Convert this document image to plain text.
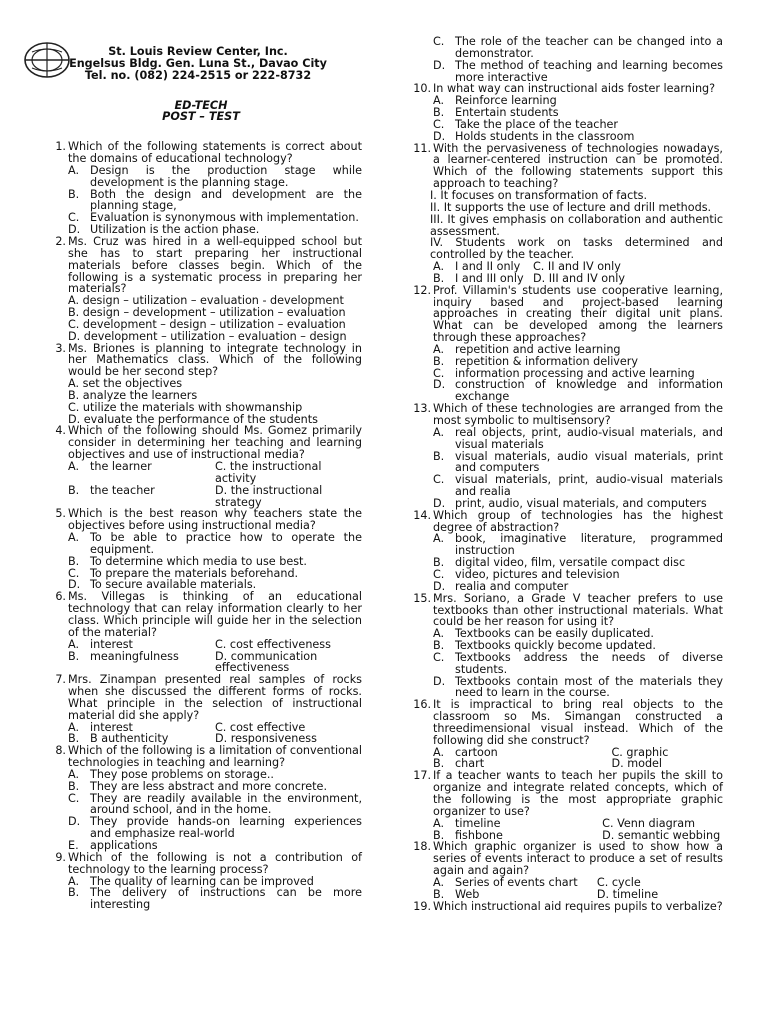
St. Louis Review Center, Inc.
Engelsus Bldg. Gen. Luna St., Davao City
Tel. no. (082) 224-2515 or 222-8732
ED-TECH
POST – TEST
1. Which of the following statements is correct about the domains of educational technology?
A. Design is the production stage while development is the planning stage.
B. Both the design and development are the planning stage,
C. Evaluation is synonymous with implementation.
D. Utilization is the action phase.
2. Ms. Cruz was hired in a well-equipped school but she has to start preparing her instructional materials before classes begin. Which of the following is a systematic process in preparing her materials?
A. design – utilization – evaluation - development
B. design – development – utilization – evaluation
C. development – design – utilization – evaluation
D. development – utilization – evaluation – design
3. Ms. Briones is planning to integrate technology in her Mathematics class. Which of the following would be her second step?
A. set the objectives
B. analyze the learners
C. utilize the materials with showmanship
D. evaluate the performance of the students
4. Which of the following should Ms. Gomez primarily consider in determining her teaching and learning objectives and use of instructional media?
A. the learner	C. the instructional activity
B. the teacher	D. the instructional strategy
5. Which is the best reason why teachers state the objectives before using instructional media?
A. To be able to practice how to operate the equipment.
B. To determine which media to use best.
C. To prepare the materials beforehand.
D. To secure available materials.
6. Ms. Villegas is thinking of an educational technology that can relay information clearly to her class. Which principle will guide her in the selection of the material?
A. interest	C. cost effectiveness
B. meaningfulness	D. communication effectiveness
7. Mrs. Zinampan presented real samples of rocks when she discussed the different forms of rocks. What principle in the selection of instructional material did she apply?
A. interest	C. cost effective
B. B authenticity	D. responsiveness
8. Which of the following is a limitation of conventional technologies in teaching and learning?
A. They pose problems on storage..
B. They are less abstract and more concrete.
C. They are readily available in the environment, around school, and in the home.
D. They provide hands-on learning experiences and emphasize real-world
E.	applications
9. Which of the following is not a contribution of technology to the learning process?
A. The quality of learning can be improved
B. The delivery of instructions can be more interesting
C. The role of the teacher can be changed into a demonstrator.
D. The method of teaching and learning becomes more interactive
10. In what way can instructional aids foster learning?
A. Reinforce learning
B. Entertain students
C. Take the place of the teacher
D. Holds students in the classroom
11. With the pervasiveness of technologies nowadays, a learner-centered instruction can be promoted. Which of the following statements support this approach to teaching?
I. It focuses on transformation of facts.
II. It supports the use of lecture and drill methods.
III. It gives emphasis on collaboration and authentic assessment.
IV. Students work on tasks determined and controlled by the teacher.
A. I and II only C. II and IV only
B. I and III only D. III and IV only
12. Prof. Villamin's students use cooperative learning, inquiry based and project-based learning approaches in creating their digital unit plans. What can be developed among the learners through these approaches?
A. repetition and active learning
B. repetition & information delivery
C. information processing and active learning
D. construction of knowledge and information exchange
13. Which of these technologies are arranged from the most symbolic to multisensory?
A. real objects, print, audio-visual materials, and visual materials
B. visual materials, audio visual materials, print and computers
C. visual materials, print, audio-visual materials and realia
D. print, audio, visual materials, and computers
14. Which group of technologies has the highest degree of abstraction?
A. book, imaginative literature, programmed instruction
B. digital video, film, versatile compact disc
C. video, pictures and television
D. realia and computer
15. Mrs. Soriano, a Grade V teacher prefers to use textbooks than other instructional materials. What could be her reason for using it?
A. Textbooks can be easily duplicated.
B. Textbooks quickly become updated.
C. Textbooks address the needs of diverse students.
D. Textbooks contain most of the materials they need to learn in the course.
16. It is impractical to bring real objects to the classroom so Ms. Simangan constructed a threedimensional visual instead. Which of the following did she construct?
A. cartoon	C. graphic
B. chart	D. model
17. If a teacher wants to teach her pupils the skill to organize and integrate related concepts, which of the following is the most appropriate graphic organizer to use?
A. timeline	C. Venn diagram
B. fishbone	D. semantic webbing
18. Which graphic organizer is used to show how a series of events interact to produce a set of results again and again?
A. Series of events chart C. cycle
B. Web	D. timeline
19. Which instructional aid requires pupils to verbalize?
